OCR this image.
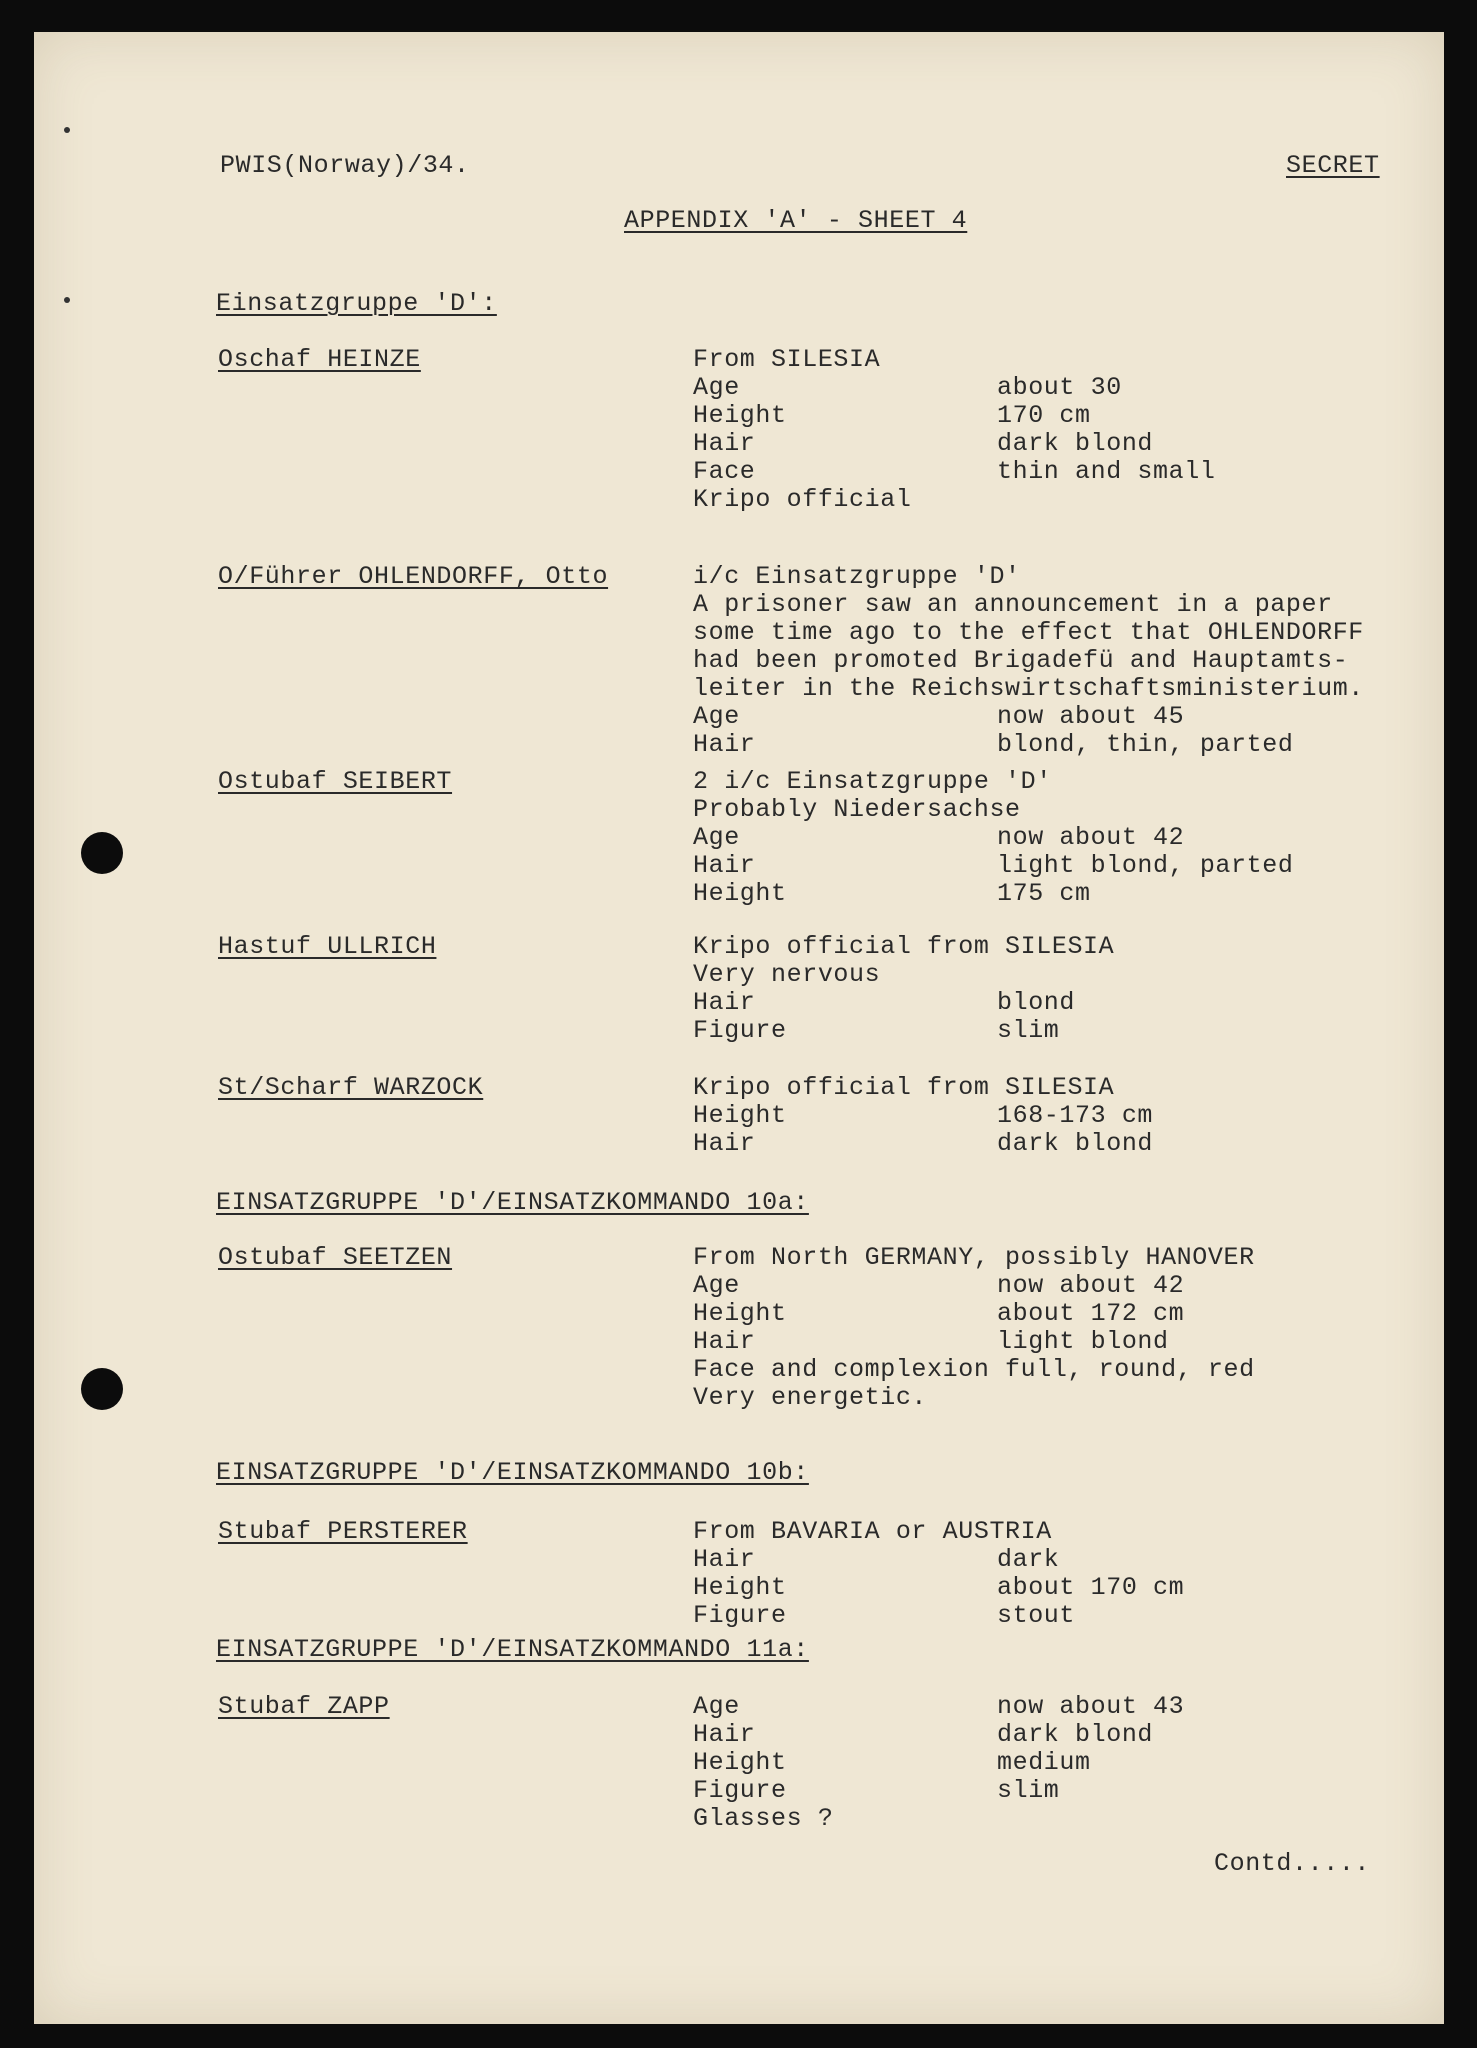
PWIS(Norway)/34.	SECRET
APPENDIX 'A' - SHEET 4
Einsatzgruppe 'D':
Oschaf HEINZE	From SILESIA
Age	about 30
Height	170 cm
Hair	dark blond
Face	thin and small
Kripo official
O/Führer OHLENDORFF, Otto	i/c Einsatzgruppe 'D'
A prisoner saw an announcement in a paper
some time ago to the effect that OHLENDORFF
had been promoted Brigadefü and Hauptamts-
leiter in the Reichswirtschaftsministerium.
Age	now about 45
Hair	blond, thin, parted
Ostubaf SEIBERT	2 i/c Einsatzgruppe 'D'
Probably Niedersachse
Age	now about 42
Hair	light blond, parted
Height	175 cm
Hastuf ULLRICH	Kripo official from SILESIA
Very nervous
Hair	blond
Figure	slim
St/Scharf WARZOCK	Kripo official from SILESIA
Height	168-173 cm
Hair	dark blond
EINSATZGRUPPE 'D'/EINSATZKOMMANDO 10a:
Ostubaf SEETZEN	From North GERMANY, possibly HANOVER
Age	now about 42
Height	about 172 cm
Hair	light blond
Face and complexion full, round, red
Very energetic.
EINSATZGRUPPE 'D'/EINSATZKOMMANDO 10b:
Stubaf PERSTERER	From BAVARIA or AUSTRIA
Hair	dark
Height	about 170 cm
Figure	stout
EINSATZGRUPPE 'D'/EINSATZKOMMANDO 11a:
Stubaf ZAPP	Age	now about 43
Hair	dark blond
Height	medium
Figure	slim
Glasses ?
Contd.....
